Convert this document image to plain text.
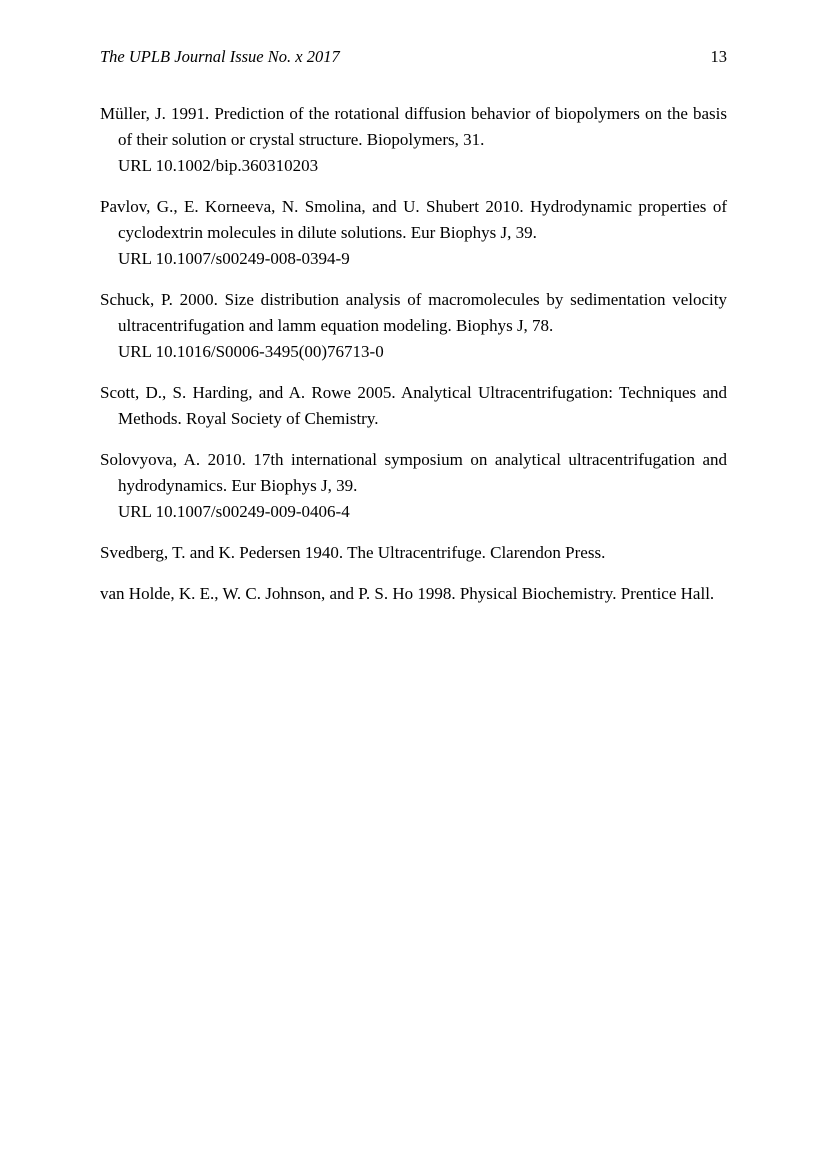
The UPLB Journal Issue No. x 2017	13
Müller, J. 1991. Prediction of the rotational diffusion behavior of biopolymers on the basis of their solution or crystal structure. Biopolymers, 31.
URL 10.1002/bip.360310203
Pavlov, G., E. Korneeva, N. Smolina, and U. Shubert 2010. Hydrodynamic properties of cyclodextrin molecules in dilute solutions. Eur Biophys J, 39.
URL 10.1007/s00249-008-0394-9
Schuck, P. 2000. Size distribution analysis of macromolecules by sedimentation velocity ultracentrifugation and lamm equation modeling. Biophys J, 78.
URL 10.1016/S0006-3495(00)76713-0
Scott, D., S. Harding, and A. Rowe 2005. Analytical Ultracentrifugation: Techniques and Methods. Royal Society of Chemistry.
Solovyova, A. 2010. 17th international symposium on analytical ultracentrifugation and hydrodynamics. Eur Biophys J, 39.
URL 10.1007/s00249-009-0406-4
Svedberg, T. and K. Pedersen 1940. The Ultracentrifuge. Clarendon Press.
van Holde, K. E., W. C. Johnson, and P. S. Ho 1998. Physical Biochemistry. Prentice Hall.
